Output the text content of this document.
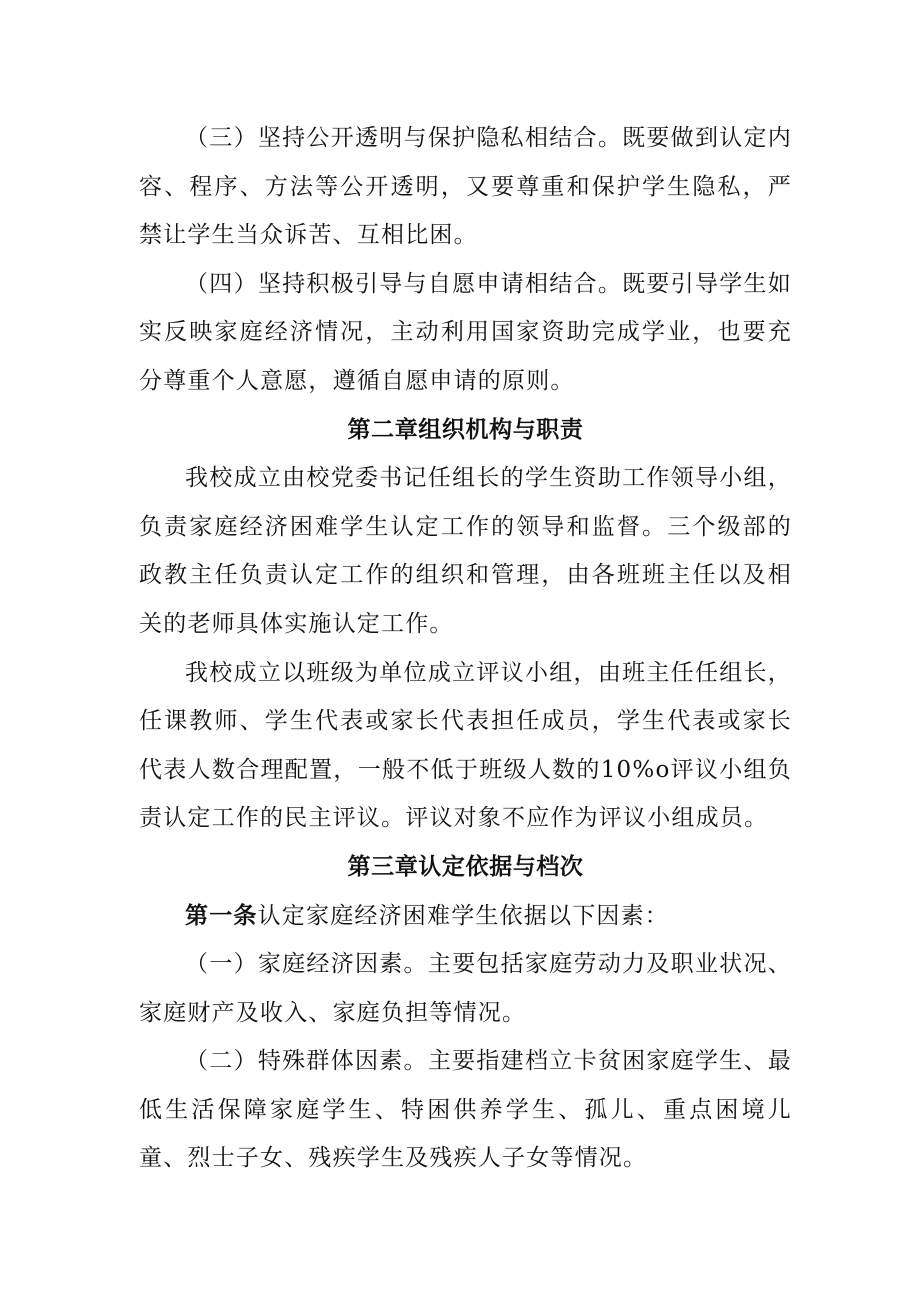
（三）坚持公开透明与保护隐私相结合。既要做到认定内容、程序、方法等公开透明，又要尊重和保护学生隐私，严禁让学生当众诉苦、互相比困。

（四）坚持积极引导与自愿申请相结合。既要引导学生如实反映家庭经济情况，主动利用国家资助完成学业，也要充分尊重个人意愿，遵循自愿申请的原则。

第二章组织机构与职责

我校成立由校党委书记任组长的学生资助工作领导小组，负责家庭经济困难学生认定工作的领导和监督。三个级部的政教主任负责认定工作的组织和管理，由各班班主任以及相关的老师具体实施认定工作。

我校成立以班级为单位成立评议小组，由班主任任组长，任课教师、学生代表或家长代表担任成员，学生代表或家长代表人数合理配置，一般不低于班级人数的10%o评议小组负责认定工作的民主评议。评议对象不应作为评议小组成员。

第三章认定依据与档次

第一条认定家庭经济困难学生依据以下因素：

（一）家庭经济因素。主要包括家庭劳动力及职业状况、家庭财产及收入、家庭负担等情况。

（二）特殊群体因素。主要指建档立卡贫困家庭学生、最低生活保障家庭学生、特困供养学生、孤儿、重点困境儿童、烈士子女、残疾学生及残疾人子女等情况。
